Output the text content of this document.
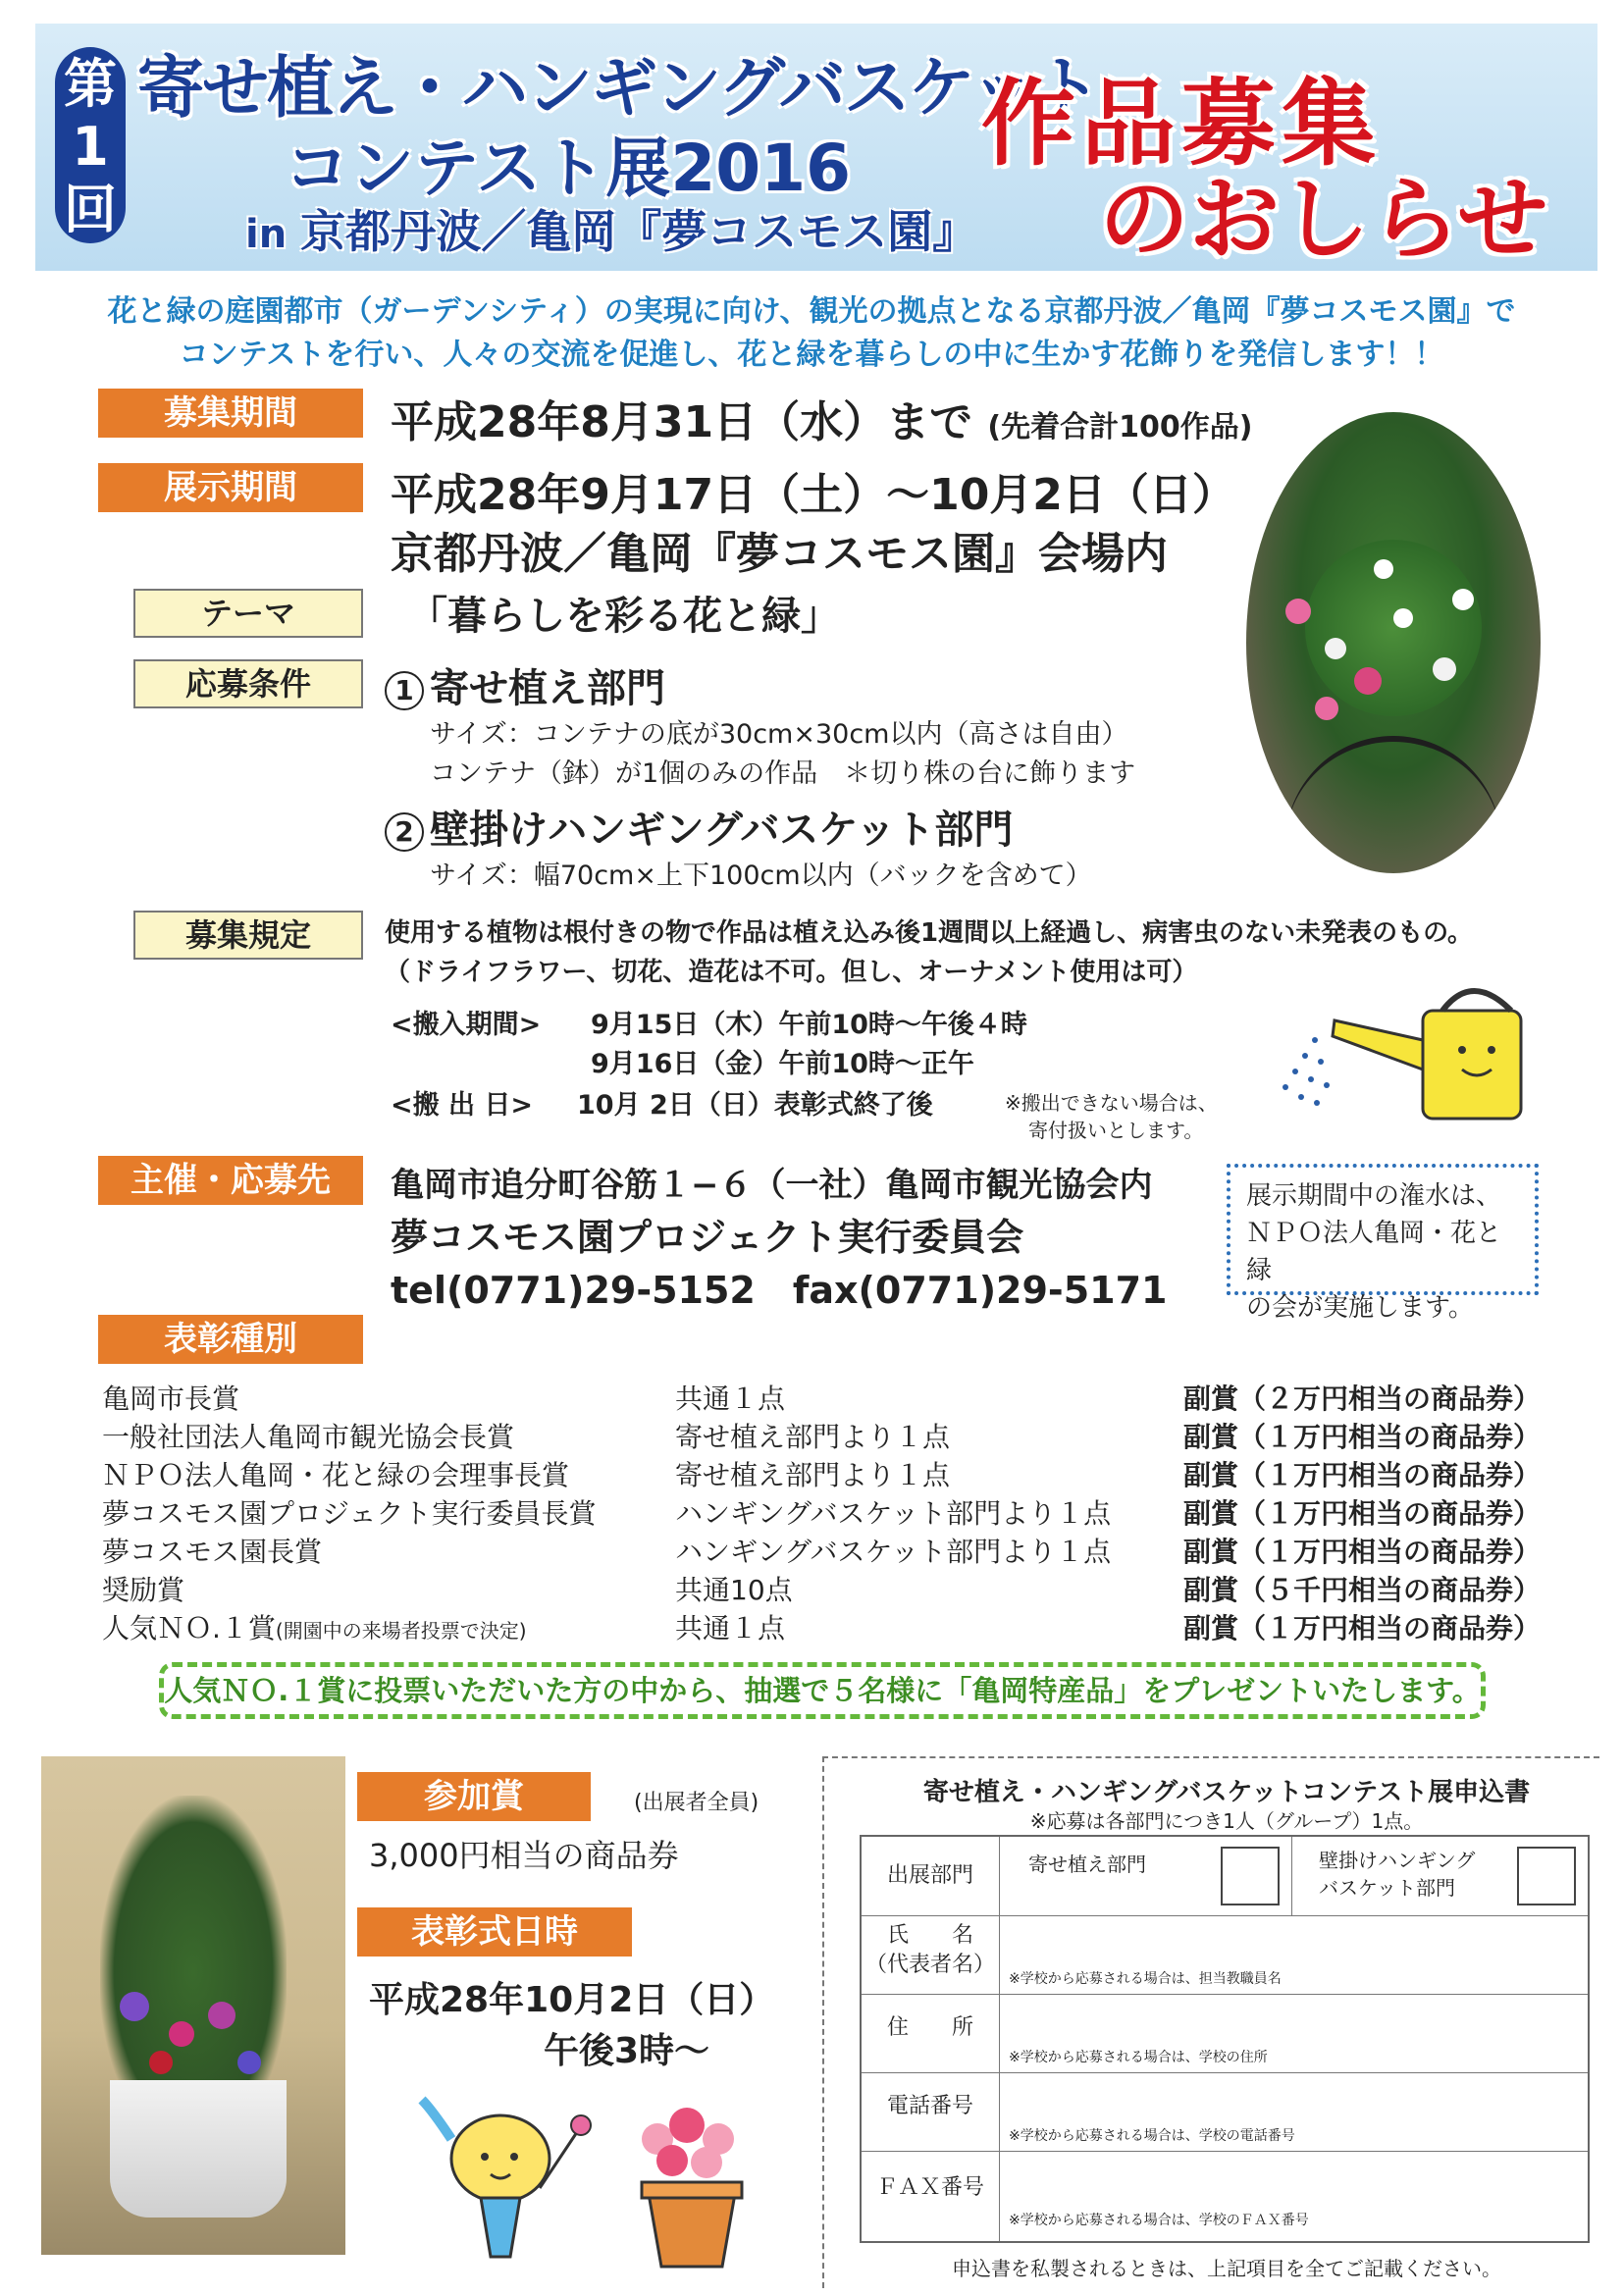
第
1
回
寄せ植え・ハンギングバスケット
コンテスト展2016
in 京都丹波／亀岡『夢コスモス園』
作品募集
のおしらせ
花と緑の庭園都市（ガーデンシティ）の実現に向け、観光の拠点となる京都丹波／亀岡『夢コスモス園』で
コンテストを行い、人々の交流を促進し、花と緑を暮らしの中に生かす花飾りを発信します！！
募集期間	平成28年8月31日（水）まで (先着合計100作品)
展示期間	平成28年9月17日（土）～10月2日（日）
京都丹波／亀岡『夢コスモス園』会場内
テーマ	「暮らしを彩る花と緑」
応募条件	1 寄せ植え部門
サイズ：コンテナの底が30cm×30cm以内（高さは自由）
コンテナ（鉢）が1個のみの作品　＊切り株の台に飾ります
2 壁掛けハンギングバスケット部門
サイズ：幅70cm×上下100cm以内（バックを含めて）
募集規定	使用する植物は根付きの物で作品は植え込み後1週間以上経過し、病害虫のない未発表のもの。
（ドライフラワー、切花、造花は不可。但し、オーナメント使用は可）
<搬入期間> 9月15日（木）午前10時～午後４時
9月16日（金）午前10時～正午
<搬 出 日> 10月 2日（日）表彰式終了後	※搬出できない場合は、
寄付扱いとします。
主催・応募先	亀岡市追分町谷筋１−６（一社）亀岡市観光協会内
夢コスモス園プロジェクト実行委員会
tel(0771)29-5152　fax(0771)29-5171
展示期間中の潅水は、
ＮＰＯ法人亀岡・花と緑
の会が実施します。
表彰種別
亀岡市長賞	共通１点	副賞（２万円相当の商品券）
一般社団法人亀岡市観光協会長賞	寄せ植え部門より１点	副賞（１万円相当の商品券）
ＮＰＯ法人亀岡・花と緑の会理事長賞	寄せ植え部門より１点	副賞（１万円相当の商品券）
夢コスモス園プロジェクト実行委員長賞	ハンギングバスケット部門より１点	副賞（１万円相当の商品券）
夢コスモス園長賞	ハンギングバスケット部門より１点	副賞（１万円相当の商品券）
奨励賞	共通10点	副賞（５千円相当の商品券）
人気ＮＯ.１賞(開園中の来場者投票で決定)	共通１点	副賞（１万円相当の商品券）
人気ＮＯ.１賞に投票いただいた方の中から、抽選で５名様に「亀岡特産品」をプレゼントいたします。
参加賞	(出展者全員)
3,000円相当の商品券
表彰式日時
平成28年10月2日（日）
午後3時～
寄せ植え・ハンギングバスケットコンテスト展申込書
※応募は各部門につき1人（グループ）1点。
出展部門	寄せ植え部門	壁掛けハンギング
バスケット部門
氏　　名
（代表者名）
※学校から応募される場合は、担当教職員名
住　　所
※学校から応募される場合は、学校の住所
電話番号
※学校から応募される場合は、学校の電話番号
ＦＡＸ番号
※学校から応募される場合は、学校のＦＡＸ番号
申込書を私製されるときは、上記項目を全てご記載ください。
